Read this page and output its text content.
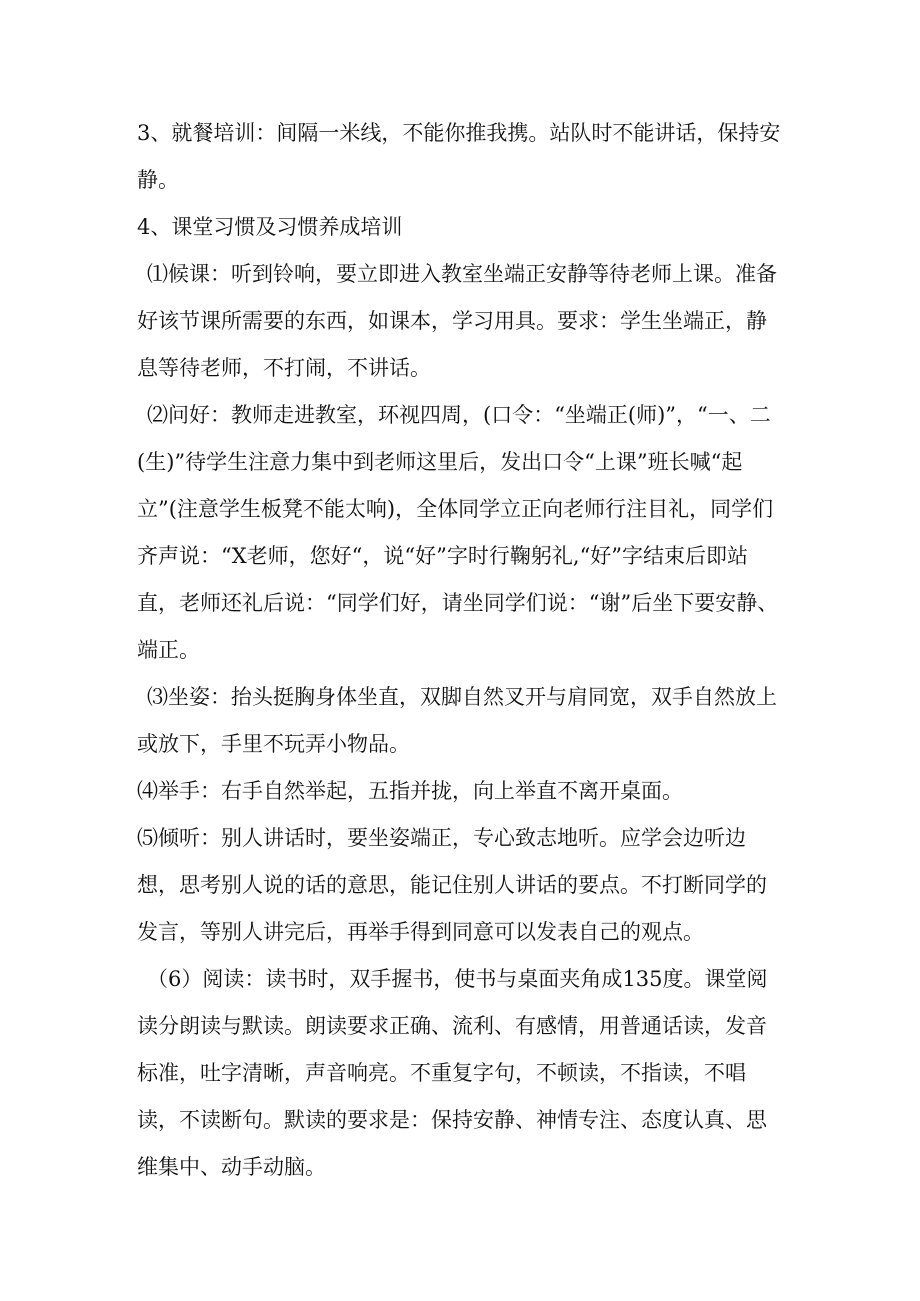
3、就餐培训：间隔一米线，不能你推我携。站队时不能讲话，保持安静。

4、课堂习惯及习惯养成培训

⑴候课：听到铃响，要立即进入教室坐端正安静等待老师上课。准备好该节课所需要的东西，如课本，学习用具。要求：学生坐端正，静息等待老师，不打闹，不讲话。

⑵问好：教师走进教室，环视四周，(口令：“坐端正(师)”，“一、二(生)”待学生注意力集中到老师这里后，发出口令“上课”班长喊“起立”(注意学生板凳不能太响)，全体同学立正向老师行注目礼，同学们齐声说：“X老师，您好“，说“好”字时行鞠躬礼,“好”字结束后即站直，老师还礼后说：“同学们好，请坐同学们说：“谢”后坐下要安静、端正。

⑶坐姿：抬头挺胸身体坐直，双脚自然叉开与肩同宽，双手自然放上或放下，手里不玩弄小物品。

⑷举手：右手自然举起，五指并拢，向上举直不离开桌面。

⑸倾听：别人讲话时，要坐姿端正，专心致志地听。应学会边听边想，思考别人说的话的意思，能记住别人讲话的要点。不打断同学的发言，等别人讲完后，再举手得到同意可以发表自己的观点。

（6）阅读：读书时，双手握书，使书与桌面夹角成135度。课堂阅读分朗读与默读。朗读要求正确、流利、有感情，用普通话读，发音标准，吐字清晰，声音响亮。不重复字句，不顿读，不指读，不唱读，不读断句。默读的要求是：保持安静、神情专注、态度认真、思维集中、动手动脑。
